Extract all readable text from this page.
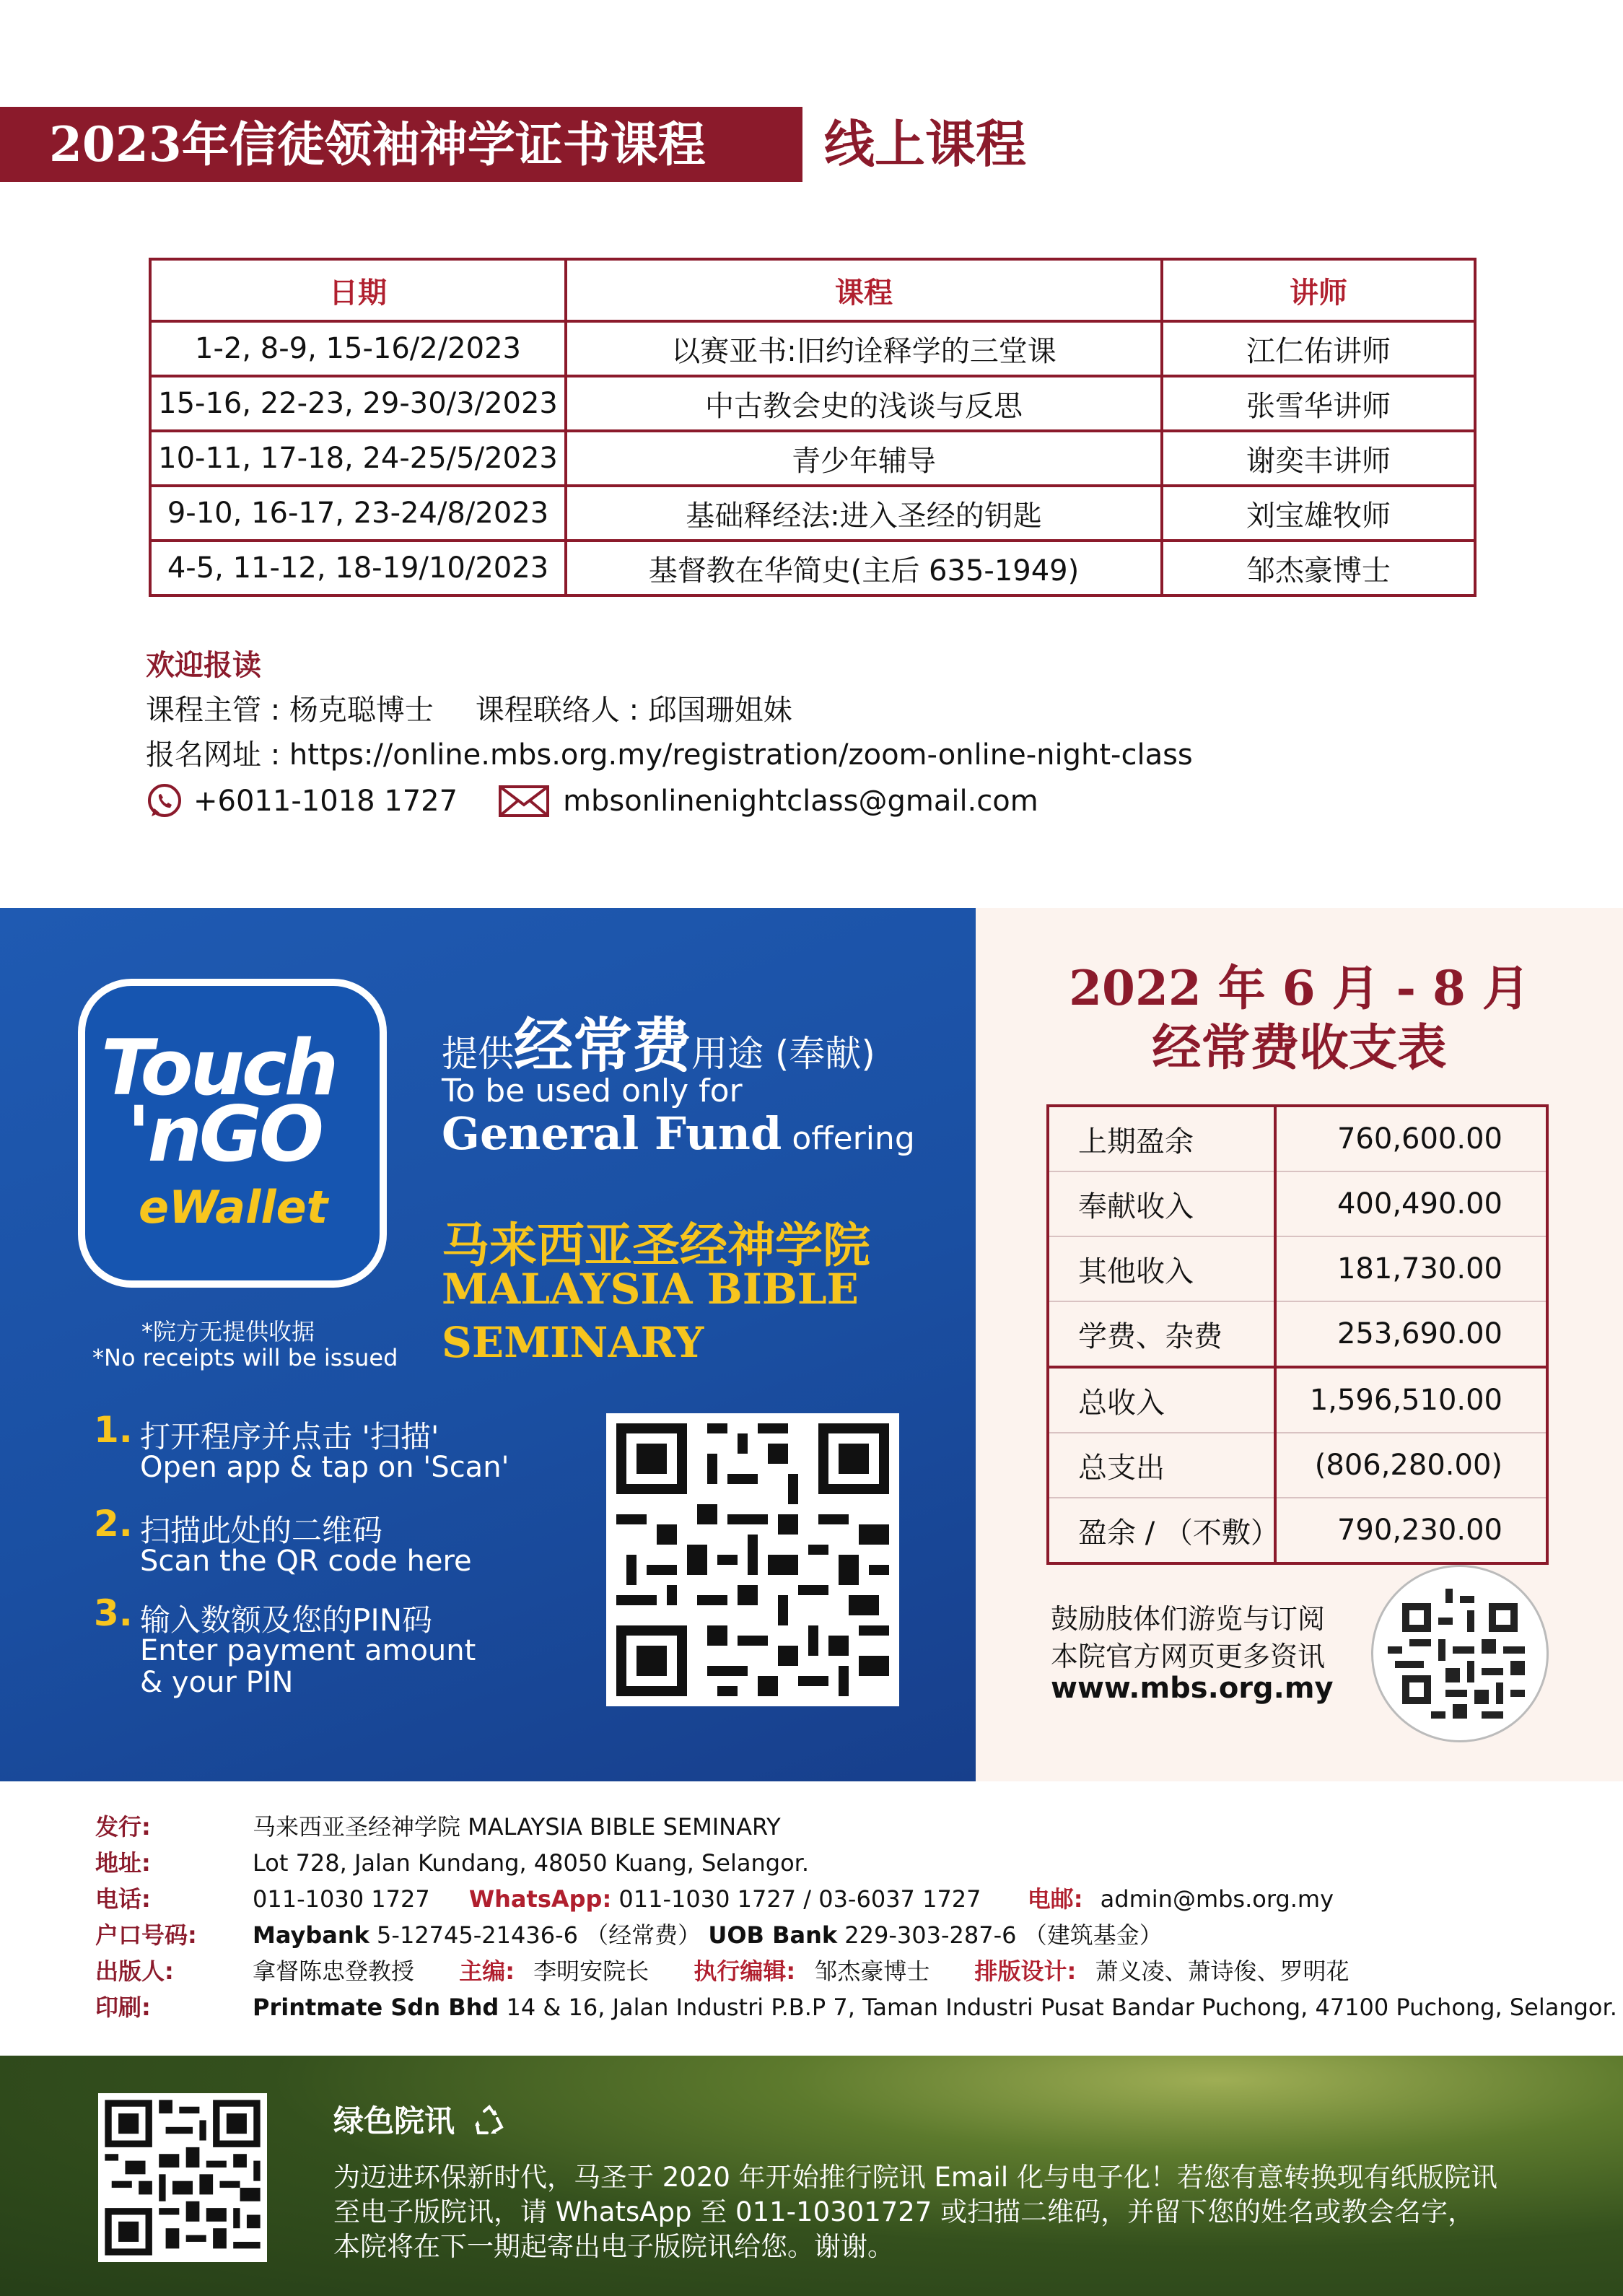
2023年信徒领袖神学证书课程	线上课程
日期	课程	讲师
1-2, 8-9, 15-16/2/2023	以赛亚书:旧约诠释学的三堂课	江仁佑讲师
15-16, 22-23, 29-30/3/2023	中古教会史的浅谈与反思	张雪华讲师
10-11, 17-18, 24-25/5/2023	青少年辅导	谢奕丰讲师
9-10, 16-17, 23-24/8/2023	基础释经法:进入圣经的钥匙	刘宝雄牧师
4-5, 11-12, 18-19/10/2023	基督教在华简史(主后 635-1949)	邹杰豪博士
欢迎报读
课程主管 : 杨克聪博士 课程联络人 : 邱国珊姐妹
报名网址 : https://online.mbs.org.my/registration/zoom-online-night-class
+6011-1018 1727	mbsonlinenightclass@gmail.com
Touch
'nGO
eWallet
*院方无提供收据
*No receipts will be issued
提供经常费用途 (奉献)
To be used only for
General Fund offering
马来西亚圣经神学院
MALAYSIA BIBLE
SEMINARY
1. 打开程序并点击 '扫描'
Open app & tap on 'Scan'
2. 扫描此处的二维码
Scan the QR code here
3. 输入数额及您的PIN码
Enter payment amount
& your PIN
2022 年 6 月 - 8 月
经常费收支表
上期盈余	760,600.00
奉献收入	400,490.00
其他收入	181,730.00
学费、杂费	253,690.00
总收入	1,596,510.00
总支出	(806,280.00)
盈余 / （不敷）	790,230.00
鼓励肢体们游览与订阅
本院官方网页更多资讯
www.mbs.org.my
发行:	马来西亚圣经神学院 MALAYSIA BIBLE SEMINARY
地址:	Lot 728, Jalan Kundang, 48050 Kuang, Selangor.
电话:	011-1030 1727 WhatsApp: 011-1030 1727 / 03-6037 1727 电邮: admin@mbs.org.my
户口号码: Maybank 5-12745-21436-6 （经常费） UOB Bank 229-303-287-6 （建筑基金）
出版人:	拿督陈忠登教授 主编: 李明安院长 执行编辑: 邹杰豪博士 排版设计: 萧义凌、萧诗俊、罗明花
印刷:	Printmate Sdn Bhd 14 & 16, Jalan Industri P.B.P 7, Taman Industri Pusat Bandar Puchong, 47100 Puchong, Selangor.
绿色院讯
为迈进环保新时代，马圣于 2020 年开始推行院讯 Email 化与电子化！若您有意转换现有纸版院讯
至电子版院讯，请 WhatsApp 至 011-10301727 或扫描二维码，并留下您的姓名或教会名字，
本院将在下一期起寄出电子版院讯给您。谢谢。
